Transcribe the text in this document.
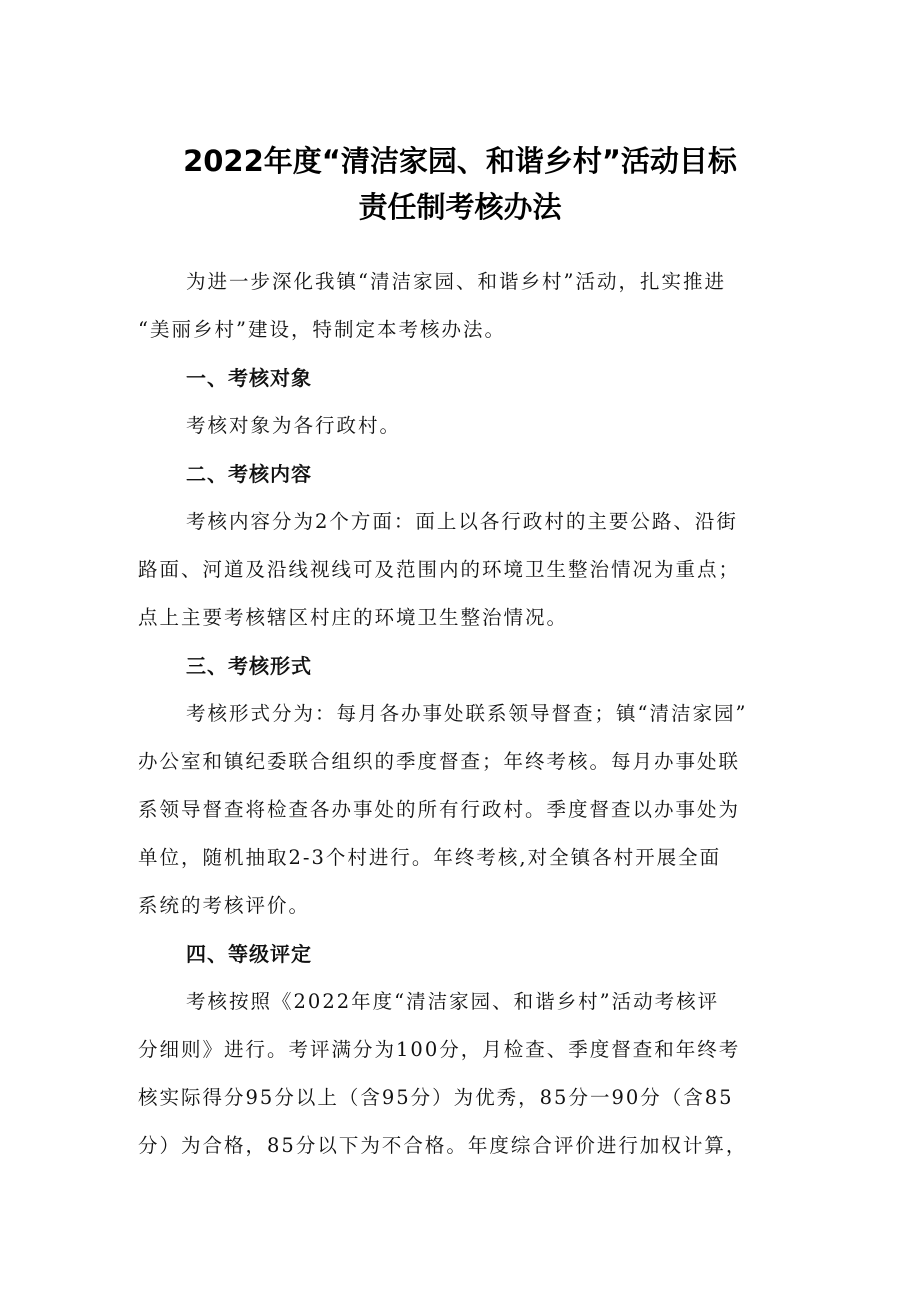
2022年度“清洁家园、和谐乡村”活动目标
责任制考核办法

为进一步深化我镇“清洁家园、和谐乡村”活动，扎实推进
“美丽乡村”建设，特制定本考核办法。

一、考核对象

考核对象为各行政村。

二、考核内容

考核内容分为2个方面：面上以各行政村的主要公路、沿街
路面、河道及沿线视线可及范围内的环境卫生整治情况为重点；
点上主要考核辖区村庄的环境卫生整治情况。

三、考核形式

考核形式分为：每月各办事处联系领导督查；镇“清洁家园”
办公室和镇纪委联合组织的季度督查；年终考核。每月办事处联
系领导督查将检查各办事处的所有行政村。季度督查以办事处为
单位，随机抽取2-3个村进行。年终考核,对全镇各村开展全面
系统的考核评价。

四、等级评定

考核按照《2022年度“清洁家园、和谐乡村”活动考核评
分细则》进行。考评满分为100分，月检查、季度督查和年终考
核实际得分95分以上（含95分）为优秀，85分一90分（含85
分）为合格，85分以下为不合格。年度综合评价进行加权计算，
